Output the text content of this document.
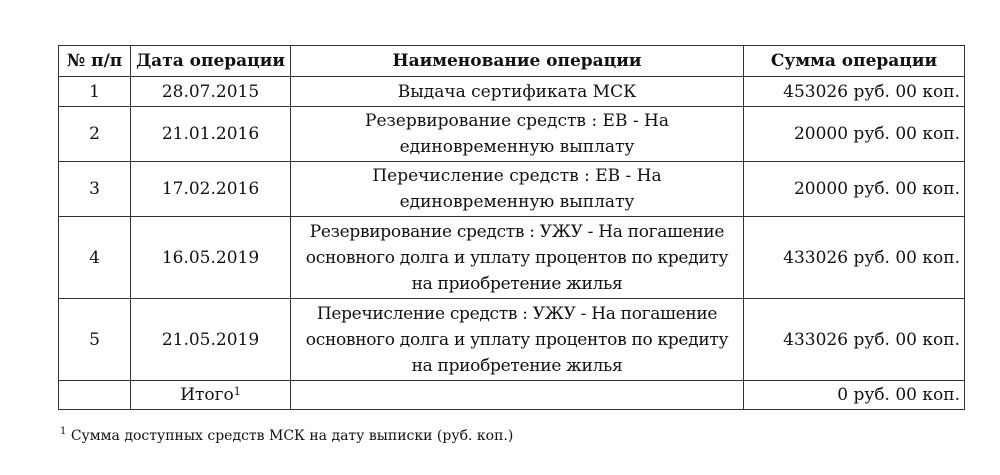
№ п/п	Дата операции	Наименование операции	Сумма операции
1	28.07.2015	Выдача сертификата МСК	453026 руб. 00 коп.
2	21.01.2016	Резервирование средств : ЕВ - На единовременную выплату	20000 руб. 00 коп.
3	17.02.2016	Перечисление средств : ЕВ - На единовременную выплату	20000 руб. 00 коп.
4	16.05.2019	Резервирование средств : УЖУ - На погашение основного долга и уплату процентов по кредиту на приобретение жилья	433026 руб. 00 коп.
5	21.05.2019	Перечисление средств : УЖУ - На погашение основного долга и уплату процентов по кредиту на приобретение жилья	433026 руб. 00 коп.
	Итого$^1$		0 руб. 00 коп.
$^1$ Сумма доступных средств МСК на дату выписки (руб. коп.)
